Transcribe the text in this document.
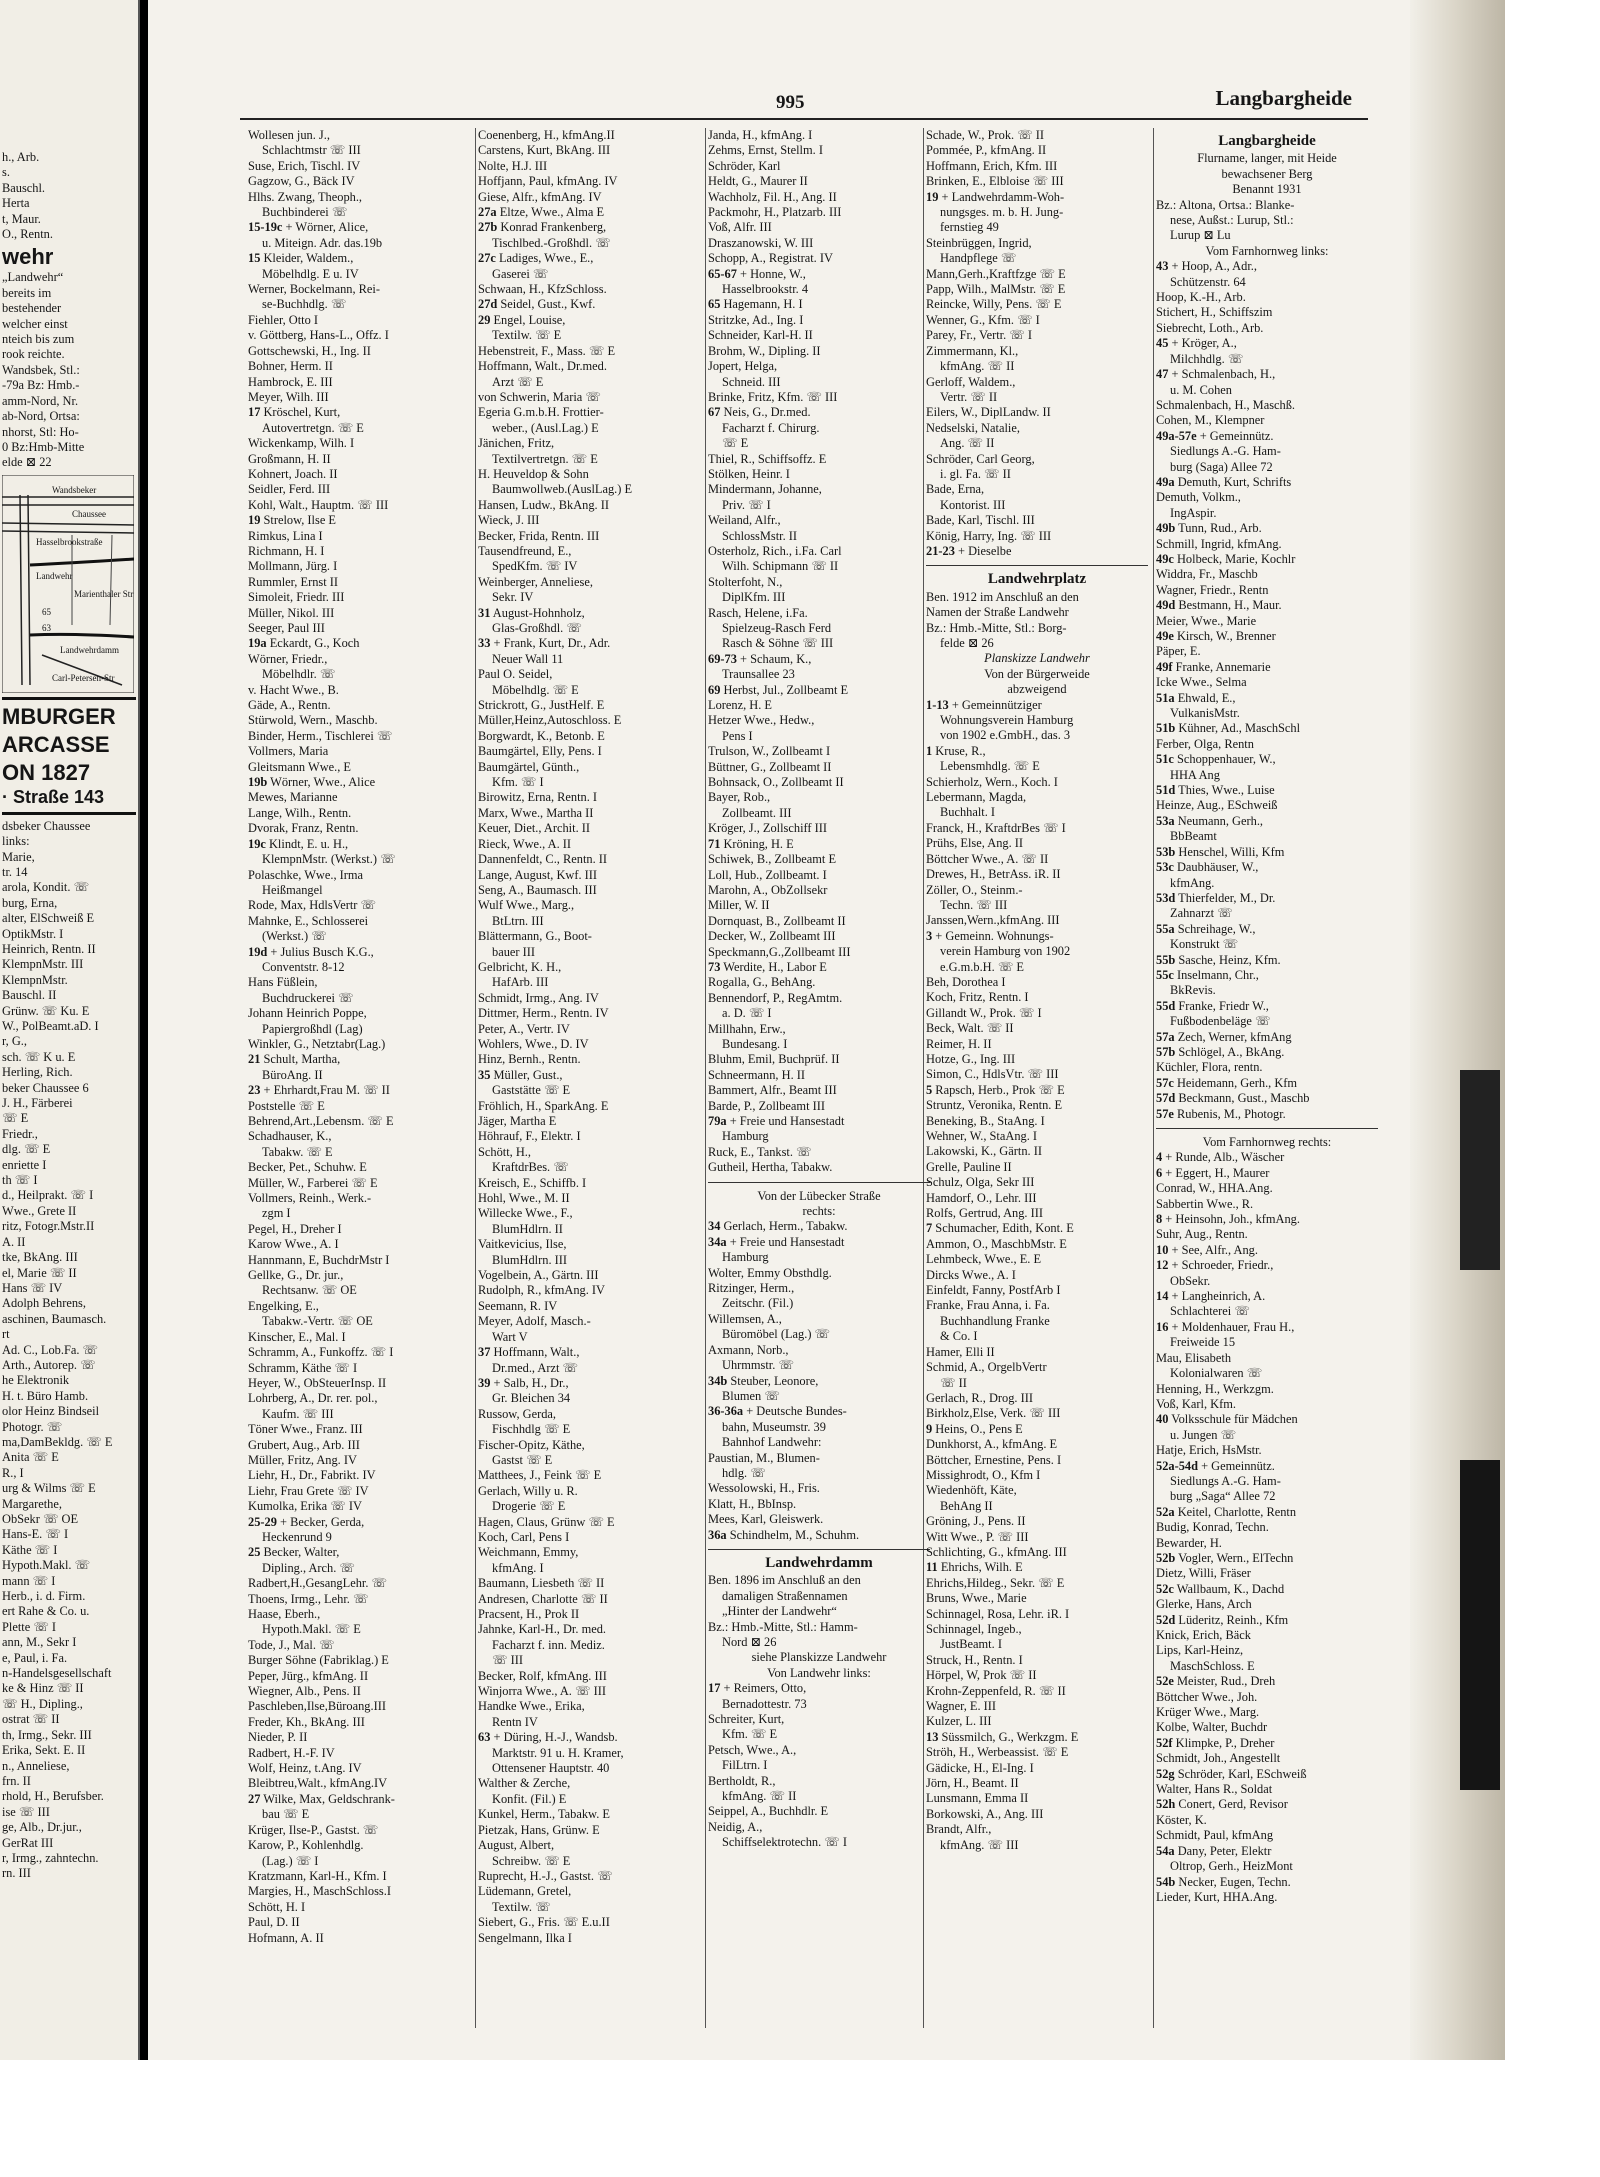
h., Arb.

s.

Bauschl.

Herta

t, Maur.

O., Rentn.

wehr

„Landwehr“

bereits im

bestehender

welcher einst

nteich bis zum

rook reichte.

Wandsbek, Stl.:

-79a Bz: Hmb.-

amm-Nord, Nr.

ab-Nord, Ortsa:

nhorst, Stl: Ho-

0 Bz:Hmb-Mitte

elde ⊠ 22

Wandsbeker
Chaussee
Hasselbrookstraße
Landwehr
Marienthaler Str
65
63
Landwehrdamm
Carl-Petersen-Str

MBURGER

ARCASSE

ON 1827

· Straße 143

dsbeker Chaussee

links:

Marie,

tr. 14

arola, Kondit. ☏

burg, Erna,

alter, ElSchweiß E

OptikMstr. I

Heinrich, Rentn. II

KlempnMstr. III

KlempnMstr.

Bauschl. II

Grünw. ☏ Ku. E

W., PolBeamt.aD. I

r, G.,

sch. ☏ K u. E

Herling, Rich.

beker Chaussee 6

J. H., Färberei

☏ E

Friedr.,

dlg. ☏ E

enriette I

th ☏ I

d., Heilprakt. ☏ I

Wwe., Grete II

ritz, Fotogr.Mstr.II

A. II

tke, BkAng. III

el, Marie ☏ II

Hans ☏ IV

Adolph Behrens,

aschinen, Baumasch.

rt

Ad. C., Lob.Fa. ☏

Arth., Autorep. ☏

he Elektronik

H. t. Büro Hamb.

olor Heinz Bindseil

Photogr. ☏

ma,DamBekldg. ☏ E

Anita ☏ E

R., I

urg & Wilms ☏ E

Margarethe,

ObSekr ☏ OE

Hans-E. ☏ I

Käthe ☏ I

Hypoth.Makl. ☏

mann ☏ I

Herb., i. d. Firm.

ert Rahe & Co. u.

Plette ☏ I

ann, M., Sekr I

e, Paul, i. Fa.

n-Handelsgesellschaft

ke & Hinz ☏ II

☏ H., Dipling.,

ostrat ☏ II

th, Irmg., Sekr. III

Erika, Sekt. E. II

n., Anneliese,

frn. II

rhold, H., Berufsber.

ise ☏ III

ge, Alb., Dr.jur.,

GerRat III

r, Irmg., zahntechn.

rn. III

995	Langbargheide

Wollesen jun. J.,

Schlachtmstr ☏ III

Suse, Erich, Tischl. IV

Gagzow, G., Bäck IV

Hlhs. Zwang, Theoph.,

Buchbinderei ☏

15-19c + Wörner, Alice,

u. Miteign. Adr. das.19b

15 Kleider, Waldem.,

Möbelhdlg. E u. IV

Werner, Bockelmann, Rei-

se-Buchhdlg. ☏

Fiehler, Otto I

v. Göttberg, Hans-L., Offz. I

Gottschewski, H., Ing. II

Bohner, Herm. II

Hambrock, E. III

Meyer, Wilh. III

17 Kröschel, Kurt,

Autovertretgn. ☏ E

Wickenkamp, Wilh. I

Großmann, H. II

Kohnert, Joach. II

Seidler, Ferd. III

Kohl, Walt., Hauptm. ☏ III

19 Strelow, Ilse E

Rimkus, Lina I

Richmann, H. I

Mollmann, Jürg. I

Rummler, Ernst II

Simoleit, Friedr. III

Müller, Nikol. III

Seeger, Paul III

19a Eckardt, G., Koch

Wörner, Friedr.,

Möbelhdlr. ☏

v. Hacht Wwe., B.

Gäde, A., Rentn.

Stürwold, Wern., Maschb.

Binder, Herm., Tischlerei ☏

Vollmers, Maria

Gleitsmann Wwe., E

19b Wörner, Wwe., Alice

Mewes, Marianne

Lange, Wilh., Rentn.

Dvorak, Franz, Rentn.

19c Klindt, E. u. H.,

KlempnMstr. (Werkst.) ☏

Polaschke, Wwe., Irma

Heißmangel

Rode, Max, HdlsVertr ☏

Mahnke, E., Schlosserei

(Werkst.) ☏

19d + Julius Busch K.G.,

Conventstr. 8-12

Hans Füßlein,

Buchdruckerei ☏

Johann Heinrich Poppe,

Papiergroßhdl (Lag)

Winkler, G., Netztabr(Lag.)

21 Schult, Martha,

BüroAng. II

23 + Ehrhardt,Frau M. ☏ II

Poststelle ☏ E

Behrend,Art.,Lebensm. ☏ E

Schadhauser, K.,

Tabakw. ☏ E

Becker, Pet., Schuhw. E

Müller, W., Farberei ☏ E

Vollmers, Reinh., Werk.-

zgm I

Pegel, H., Dreher I

Karow Wwe., A. I

Hannmann, E, BuchdrMstr I

Gellke, G., Dr. jur.,

Rechtsanw. ☏ OE

Engelking, E.,

Tabakw.-Vertr. ☏ OE

Kinscher, E., Mal. I

Schramm, A., Funkoffz. ☏ I

Schramm, Käthe ☏ I

Heyer, W., ObSteuerInsp. II

Lohrberg, A., Dr. rer. pol.,

Kaufm. ☏ III

Töner Wwe., Franz. III

Grubert, Aug., Arb. III

Müller, Fritz, Ang. IV

Liehr, H., Dr., Fabrikt. IV

Liehr, Frau Grete ☏ IV

Kumolka, Erika ☏ IV

25-29 + Becker, Gerda,

Heckenrund 9

25 Becker, Walter,

Dipling., Arch. ☏

Radbert,H.,GesangLehr. ☏

Thoens, Irmg., Lehr. ☏

Haase, Eberh.,

Hypoth.Makl. ☏ E

Tode, J., Mal. ☏

Burger Söhne (Fabriklag.) E

Peper, Jürg., kfmAng. II

Wiegner, Alb., Pens. II

Paschleben,Ilse,Büroang.III

Freder, Kh., BkAng. III

Nieder, P. II

Radbert, H.-F. IV

Wolf, Heinz, t.Ang. IV

Bleibtreu,Walt., kfmAng.IV

27 Wilke, Max, Geldschrank-

bau ☏ E

Krüger, Ilse-P., Gastst. ☏

Karow, P., Kohlenhdlg.

(Lag.) ☏ I

Kratzmann, Karl-H., Kfm. I

Margies, H., MaschSchloss.I

Schött, H. I

Paul, D. II

Hofmann, A. II

Coenenberg, H., kfmAng.II

Carstens, Kurt, BkAng. III

Nolte, H.J. III

Hoffjann, Paul, kfmAng. IV

Giese, Alfr., kfmAng. IV

27a Eltze, Wwe., Alma E

27b Konrad Frankenberg,

Tischlbed.-Großhdl. ☏

27c Ladiges, Wwe., E.,

Gaserei ☏

Schwaan, H., KfzSchloss.

27d Seidel, Gust., Kwf.

29 Engel, Louise,

Textilw. ☏ E

Hebenstreit, F., Mass. ☏ E

Hoffmann, Walt., Dr.med.

Arzt ☏ E

von Schwerin, Maria ☏

Egeria G.m.b.H. Frottier-

weber., (Ausl.Lag.) E

Jänichen, Fritz,

Textilvertretgn. ☏ E

H. Heuveldop & Sohn

Baumwollweb.(AuslLag.) E

Hansen, Ludw., BkAng. II

Wieck, J. III

Becker, Frida, Rentn. III

Tausendfreund, E.,

SpedKfm. ☏ IV

Weinberger, Anneliese,

Sekr. IV

31 August-Hohnholz,

Glas-Großhdl. ☏

33 + Frank, Kurt, Dr., Adr.

Neuer Wall 11

Paul O. Seidel,

Möbelhdlg. ☏ E

Strickrott, G., JustHelf. E

Müller,Heinz,Autoschloss. E

Borgwardt, K., Betonb. E

Baumgärtel, Elly, Pens. I

Baumgärtel, Günth.,

Kfm. ☏ I

Birowitz, Erna, Rentn. I

Marx, Wwe., Martha II

Keuer, Diet., Archit. II

Rieck, Wwe., A. II

Dannenfeldt, C., Rentn. II

Lange, August, Kwf. III

Seng, A., Baumasch. III

Wulf Wwe., Marg.,

BtLtrn. III

Blättermann, G., Boot-

bauer III

Gelbricht, K. H.,

HafArb. III

Schmidt, Irmg., Ang. IV

Dittmer, Herm., Rentn. IV

Peter, A., Vertr. IV

Wohlers, Wwe., D. IV

Hinz, Bernh., Rentn.

35 Müller, Gust.,

Gaststätte ☏ E

Fröhlich, H., SparkAng. E

Jäger, Martha E

Höhrauf, F., Elektr. I

Schött, H.,

KraftdrBes. ☏

Kreisch, E., Schiffb. I

Hohl, Wwe., M. II

Willecke Wwe., F.,

BlumHdlrn. II

Vaitkevicius, Ilse,

BlumHdlrn. III

Vogelbein, A., Gärtn. III

Rudolph, R., kfmAng. IV

Seemann, R. IV

Meyer, Adolf, Masch.-

Wart V

37 Hoffmann, Walt.,

Dr.med., Arzt ☏

39 + Salb, H., Dr.,

Gr. Bleichen 34

Russow, Gerda,

Fischhdlg ☏ E

Fischer-Opitz, Käthe,

Gastst ☏ E

Matthees, J., Feink ☏ E

Gerlach, Willy u. R.

Drogerie ☏ E

Hagen, Claus, Grünw ☏ E

Koch, Carl, Pens I

Weichmann, Emmy,

kfmAng. I

Baumann, Liesbeth ☏ II

Andresen, Charlotte ☏ II

Pracsent, H., Prok II

Jahnke, Karl-H., Dr. med.

Facharzt f. inn. Medіz.

☏ III

Becker, Rolf, kfmAng. III

Winjorra Wwe., A. ☏ III

Handke Wwe., Erika,

Rentn IV

63 + Düring, H.-J., Wandsb.

Marktstr. 91 u. H. Kramer,

Ottensener Hauptstr. 40

Walther & Zerche,

Konfit. (Fil.) E

Kunkel, Herm., Tabakw. E

Pietzak, Hans, Grünw. E

August, Albert,

Schreibw. ☏ E

Ruprecht, H.-J., Gastst. ☏

Lüdemann, Gretel,

Textilw. ☏

Siebert, G., Fris. ☏ E.u.II

Sengelmann, Ilka I

Janda, H., kfmAng. I

Zehms, Ernst, Stellm. I

Schröder, Karl

Heldt, G., Maurer II

Wachholz, Fil. H., Ang. II

Packmohr, H., Platzarb. III

Voß, Alfr. III

Draszanowski, W. III

Schopp, A., Registrat. IV

65-67 + Honne, W.,

Hasselbrookstr. 4

65 Hagemann, H. I

Stritzke, Ad., Ing. I

Schneider, Karl-H. II

Brohm, W., Dipling. II

Jopert, Helga,

Schneid. III

Brinke, Fritz, Kfm. ☏ III

67 Neis, G., Dr.med.

Facharzt f. Chirurg.

☏ E

Thiel, R., Schiffsoffz. E

Stölken, Heinr. I

Mindermann, Johanne,

Priv. ☏ I

Weiland, Alfr.,

SchlossMstr. II

Osterholz, Rich., i.Fa. Carl

Wilh. Schipmann ☏ II

Stolterfoht, N.,

DiplKfm. III

Rasch, Helene, i.Fa.

Spielzeug-Rasch Ferd

Rasch & Söhne ☏ III

69-73 + Schaum, K.,

Traunsallee 23

69 Herbst, Jul., Zollbeamt E

Lorenz, H. E

Hetzer Wwe., Hedw.,

Pens I

Trulson, W., Zollbeamt I

Büttner, G., Zollbeamt II

Bohnsack, O., Zollbeamt II

Bayer, Rob.,

Zollbeamt. III

Kröger, J., Zollschiff III

71 Kröning, H. E

Schiwek, B., Zollbeamt E

Loll, Hub., Zollbeamt. I

Marohn, A., ObZollsekr

Miller, W. II

Dornquast, B., Zollbeamt II

Decker, W., Zollbeamt III

Speckmann,G.,Zollbeamt III

73 Werdite, H., Labor E

Rogalla, G., BehAng.

Bennendorf, P., RegAmtm.

a. D. ☏ I

Millhahn, Erw.,

Bundesang. I

Bluhm, Emil, Buchprüf. II

Schneermann, H. II

Bammert, Alfr., Beamt III

Barde, P., Zollbeamt III

79a + Freie und Hansestadt

Hamburg

Ruck, E., Tankst. ☏

Gutheil, Hertha, Tabakw.

Von der Lübecker Straße

rechts:

34 Gerlach, Herm., Tabakw.

34a + Freie und Hansestadt

Hamburg

Wolter, Emmy Obsthdlg.

Ritzinger, Herm.,

Zeitschr. (Fil.)

Willemsen, A.,

Büromöbel (Lag.) ☏

Axmann, Norb.,

Uhrmmstr. ☏

34b Steuber, Leonore,

Blumen ☏

36-36a + Deutsche Bundes-

bahn, Museumstr. 39

Bahnhof Landwehr:

Paustian, M., Blumen-

hdlg. ☏

Wessolowski, H., Fris.

Klatt, H., BbInsp.

Mees, Karl, Gleiswerk.

36a Schindhelm, M., Schuhm.

Landwehrdamm

Ben. 1896 im Anschluß an den

damaligen Straßennamen

„Hinter der Landwehr“

Bz.: Hmb.-Mitte, Stl.: Hamm-

Nord ⊠ 26

siehe Planskizze Landwehr

Von Landwehr links:

17 + Reimers, Otto,

Bernadottestr. 73

Schreiter, Kurt,

Kfm. ☏ E

Petsch, Wwe., A.,

FilLtrn. I

Bertholdt, R.,

kfmAng. ☏ II

Seippel, A., Buchhdlr. E

Neidig, A.,

Schiffselektrotechn. ☏ I

Schade, W., Prok. ☏ II

Pommée, P., kfmAng. II

Hoffmann, Erich, Kfm. III

Brinken, E., Elbloise ☏ III

19 + Landwehrdamm-Woh-

nungsges. m. b. H. Jung-

fernstieg 49

Steinbrüggen, Ingrid,

Handpflege ☏

Mann,Gerh.,Kraftfzge ☏ E

Papp, Wilh., MalMstr. ☏ E

Reincke, Willy, Pens. ☏ E

Wenner, G., Kfm. ☏ I

Parey, Fr., Vertr. ☏ I

Zimmermann, Kl.,

kfmAng. ☏ II

Gerloff, Waldem.,

Vertr. ☏ II

Eilers, W., DiplLandw. II

Nedselski, Natalie,

Ang. ☏ II

Schröder, Carl Georg,

i. gl. Fa. ☏ II

Bade, Erna,

Kontorist. III

Bade, Karl, Tischl. III

König, Harry, Ing. ☏ III

21-23 + Dieselbe

Landwehrplatz

Ben. 1912 im Anschluß an den

Namen der Straße Landwehr

Bz.: Hmb.-Mitte, Stl.: Borg-

felde ⊠ 26

Planskizze Landwehr

Von der Bürgerweide

abzweigend

1-13 + Gemeinnütziger

Wohnungsverein Hamburg

von 1902 e.GmbH., das. 3

1 Kruse, R.,

Lebensmhdlg. ☏ E

Schierholz, Wern., Koch. I

Lebermann, Magda,

Buchhalt. I

Franck, H., KraftdrBes ☏ I

Prühs, Else, Ang. II

Böttcher Wwe., A. ☏ II

Drewes, H., BetrAss. iR. II

Zöller, O., Steinm.-

Techn. ☏ III

Janssen,Wern.,kfmAng. III

3 + Gemeinn. Wohnungs-

verein Hamburg von 1902

e.G.m.b.H. ☏ E

Beh, Dorothea I

Koch, Fritz, Rentn. I

Gillandt W., Prok. ☏ I

Beck, Walt. ☏ II

Reimer, H. II

Hotze, G., Ing. III

Simon, C., HdlsVtr. ☏ III

5 Rapsch, Herb., Prok ☏ E

Struntz, Veronika, Rentn. E

Beneking, B., StaAng. I

Wehner, W., StaAng. I

Lakowski, K., Gärtn. II

Grelle, Pauline II

Schulz, Olga, Sekr III

Hamdorf, O., Lehr. III

Rolfs, Gertrud, Ang. III

7 Schumacher, Edith, Kont. E

Ammon, O., MaschbMstr. E

Lehmbeck, Wwe., E. E

Dircks Wwe., A. I

Einfeldt, Fanny, PostfArb I

Franke, Frau Anna, i. Fa.

Buchhandlung Franke

& Co. I

Hamer, Elli II

Schmid, A., OrgelbVertr

☏ II

Gerlach, R., Drog. III

Birkholz,Else, Verk. ☏ III

9 Heins, O., Pens E

Dunkhorst, A., kfmAng. E

Böttcher, Ernestine, Pens. I

Missighrodt, O., Kfm I

Wiedenhöft, Käte,

BehAng II

Gröning, J., Pens. II

Witt Wwe., P. ☏ III

Schlichting, G., kfmAng. III

11 Ehrichs, Wilh. E

Ehrichs,Hildeg., Sekr. ☏ E

Bruns, Wwe., Marie

Schinnagel, Rosa, Lehr. iR. I

Schinnagel, Ingeb.,

JustBeamt. I

Struck, H., Rentn. I

Hörpel, W, Prok ☏ II

Krohn-Zeppenfeld, R. ☏ II

Wagner, E. III

Kulzer, L. III

13 Süssmilch, G., Werkzgm. E

Ströh, H., Werbeassist. ☏ E

Gädicke, H., El-Ing. I

Jörn, H., Beamt. II

Lunsmann, Emma II

Borkowski, A., Ang. III

Brandt, Alfr.,

kfmAng. ☏ III

Langbargheide

Flurname, langer, mit Heide

bewachsener Berg

Benannt 1931

Bz.: Altona, Ortsa.: Blanke-

nese, Außst.: Lurup, Stl.:

Lurup ⊠ Lu

Vom Farnhornweg links:

43 + Hoop, A., Adr.,

Schützenstr. 64

Hoop, K.-H., Arb.

Stichert, H., Schiffszim

Siebrecht, Loth., Arb.

45 + Kröger, A.,

Milchhdlg. ☏

47 + Schmalenbach, H.,

u. M. Cohen

Schmalenbach, H., Maschß.

Cohen, M., Klempner

49a-57e + Gemeinnütz.

Siedlungs A.-G. Ham-

burg (Saga) Allee 72

49a Demuth, Kurt, Schrifts

Demuth, Volkm.,

IngAspir.

49b Tunn, Rud., Arb.

Schmill, Ingrid, kfmAng.

49c Holbeck, Marie, Kochlr

Widdra, Fr., Maschb

Wagner, Friedr., Rentn

49d Bestmann, H., Maur.

Meier, Wwe., Marie

49e Kirsch, W., Brenner

Päper, E.

49f Franke, Annemarie

Icke Wwe., Selma

51a Ehwald, E.,

VulkanisMstr.

51b Kühner, Ad., MaschSchl

Ferber, Olga, Rentn

51c Schoppenhauer, W.,

HHA Ang

51d Thies, Wwe., Luise

Heinze, Aug., ESchweiß

53a Neumann, Gerh.,

BbBeamt

53b Henschel, Willi, Kfm

53c Daubhäuser, W.,

kfmAng.

53d Thierfelder, M., Dr.

Zahnarzt ☏

55a Schreihage, W.,

Konstrukt ☏

55b Sasche, Heinz, Kfm.

55c Inselmann, Chr.,

BkRevis.

55d Franke, Friedr W.,

Fußbodenbeläge ☏

57a Zech, Werner, kfmAng

57b Schlögel, A., BkAng.

Küchler, Flora, rentn.

57c Heidemann, Gerh., Kfm

57d Beckmann, Gust., Maschb

57e Rubenis, M., Photogr.

Vom Farnhornweg rechts:

4 + Runde, Alb., Wäscher

6 + Eggert, H., Maurer

Conrad, W., HHA.Ang.

Sabbertin Wwe., R.

8 + Heinsohn, Joh., kfmAng.

Suhr, Aug., Rentn.

10 + See, Alfr., Ang.

12 + Schroeder, Friedr.,

ObSekr.

14 + Langheinrich, A.

Schlachterei ☏

16 + Moldenhauer, Frau H.,

Freiweide 15

Mau, Elisabeth

Kolonialwaren ☏

Henning, H., Werkzgm.

Voß, Karl, Kfm.

40 Volksschule für Mädchen

u. Jungen ☏

Hatje, Erich, HsMstr.

52a-54d + Gemeinnütz.

Siedlungs A.-G. Ham-

burg „Saga“ Allee 72

52a Keitel, Charlotte, Rentn

Budig, Konrad, Techn.

Bewarder, H.

52b Vogler, Wern., ElTechn

Dietz, Willi, Fräser

52c Wallbaum, K., Dachd

Glerke, Hans, Arch

52d Lüderitz, Reinh., Kfm

Knick, Erich, Bäck

Lips, Karl-Heinz,

MaschSchloss. E

52e Meister, Rud., Dreh

Böttcher Wwe., Joh.

Krüger Wwe., Marg.

Kolbe, Walter, Buchdr

52f Klimpke, P., Dreher

Schmidt, Joh., Angestellt

52g Schröder, Karl, ESchweiß

Walter, Hans R., Soldat

52h Conert, Gerd, Revisor

Köster, K.

Schmidt, Paul, kfmAng

54a Dany, Peter, Elektr

Oltrop, Gerh., HeizMont

54b Necker, Eugen, Techn.

Lieder, Kurt, HHA.Ang.
